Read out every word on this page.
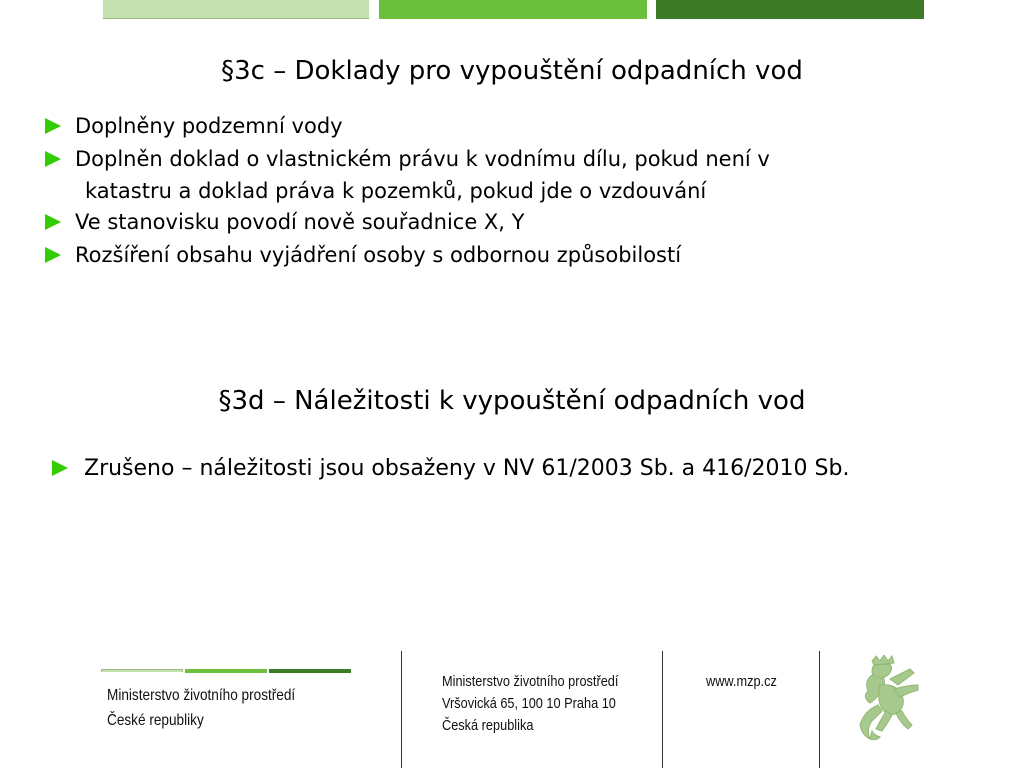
§3c – Doklady pro vypouštění odpadních vod
Doplněny podzemní vody
Doplněn doklad o vlastnickém právu k vodnímu dílu, pokud není v
katastru a doklad práva k pozemků, pokud jde o vzdouvání
Ve stanovisku povodí nově souřadnice X, Y
Rozšíření obsahu vyjádření osoby s odbornou způsobilostí
§3d – Náležitosti k vypouštění odpadních vod
Zrušeno – náležitosti jsou obsaženy v NV 61/2003 Sb. a 416/2010 Sb.
Ministerstvo životního prostředí
České republiky
Ministerstvo životního prostředí
Vršovická 65, 100 10 Praha 10
Česká republika
www.mzp.cz
